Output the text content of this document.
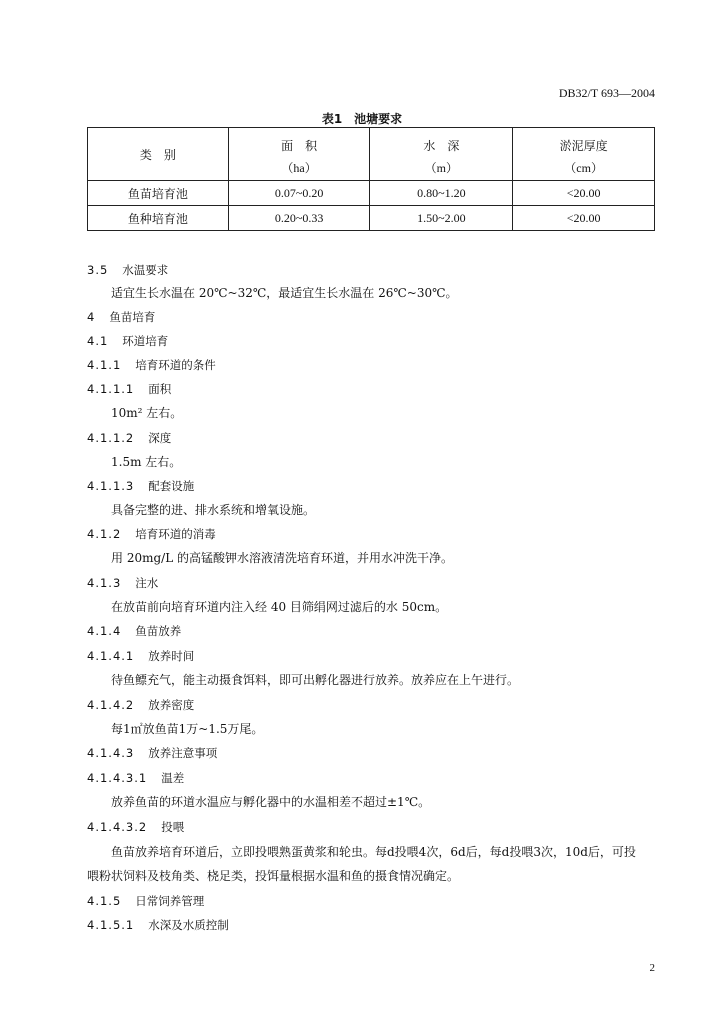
DB32/T 693—2004
表1　池塘要求
类　别	面　积	水　深	淤泥厚度
	（ha）	（m）	（cm）
鱼苗培育池	0.07~0.20	0.80~1.20	<20.00
鱼种培育池	0.20~0.33	1.50~2.00	<20.00
3.5 水温要求
适宜生长水温在 20℃~32℃，最适宜生长水温在 26℃~30℃。
4 鱼苗培育
4.1 环道培育
4.1.1 培育环道的条件
4.1.1.1 面积
10m² 左右。
4.1.1.2 深度
1.5m 左右。
4.1.1.3 配套设施
具备完整的进、排水系统和增氧设施。
4.1.2 培育环道的消毒
用 20mg/L 的高锰酸钾水溶液清洗培育环道，并用水冲洗干净。
4.1.3 注水
在放苗前向培育环道内注入经 40 目筛绢网过滤后的水 50cm。
4.1.4 鱼苗放养
4.1.4.1 放养时间
待鱼鳔充气，能主动摄食饵料，即可出孵化器进行放养。放养应在上午进行。
4.1.4.2 放养密度
每1㎡放鱼苗1万~1.5万尾。
4.1.4.3 放养注意事项
4.1.4.3.1 温差
放养鱼苗的环道水温应与孵化器中的水温相差不超过±1℃。
4.1.4.3.2 投喂
鱼苗放养培育环道后，立即投喂熟蛋黄浆和轮虫。每d投喂4次，6d后，每d投喂3次，10d后，可投
喂粉状饲料及枝角类、桡足类，投饵量根据水温和鱼的摄食情况确定。
4.1.5 日常饲养管理
4.1.5.1 水深及水质控制
2
